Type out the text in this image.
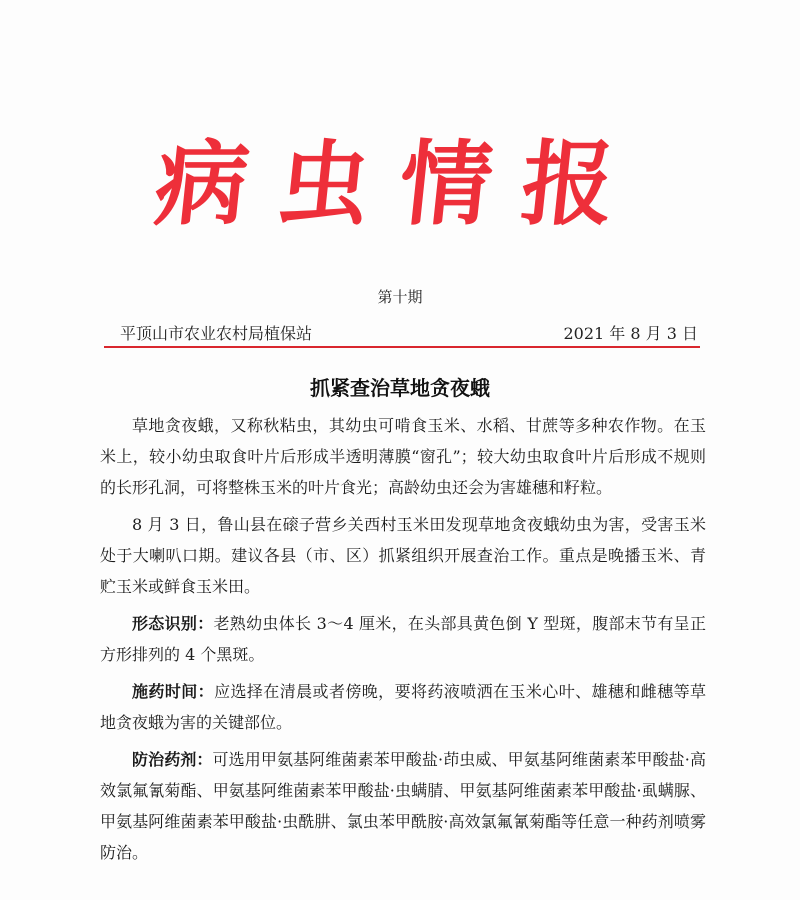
病虫情报
第十期
平顶山市农业农村局植保站	2021 年 8 月 3 日
抓紧查治草地贪夜蛾

草地贪夜蛾，又称秋粘虫，其幼虫可啃食玉米、水稻、甘蔗等多种农作物。在玉米上，较小幼虫取食叶片后形成半透明薄膜“窗孔”；较大幼虫取食叶片后形成不规则的长形孔洞，可将整株玉米的叶片食光；高龄幼虫还会为害雄穗和籽粒。

8 月 3 日，鲁山县在磙子营乡关西村玉米田发现草地贪夜蛾幼虫为害，受害玉米处于大喇叭口期。建议各县（市、区）抓紧组织开展查治工作。重点是晚播玉米、青贮玉米或鲜食玉米田。

形态识别：老熟幼虫体长 3～4 厘米，在头部具黄色倒 Y 型斑，腹部末节有呈正方形排列的 4 个黑斑。

施药时间：应选择在清晨或者傍晚，要将药液喷洒在玉米心叶、雄穗和雌穗等草地贪夜蛾为害的关键部位。

防治药剂：可选用甲氨基阿维菌素苯甲酸盐·茚虫威、甲氨基阿维菌素苯甲酸盐·高效氯氟氰菊酯、甲氨基阿维菌素苯甲酸盐·虫螨腈、甲氨基阿维菌素苯甲酸盐·虱螨脲、甲氨基阿维菌素苯甲酸盐·虫酰肼、氯虫苯甲酰胺·高效氯氟氰菊酯等任意一种药剂喷雾防治。
